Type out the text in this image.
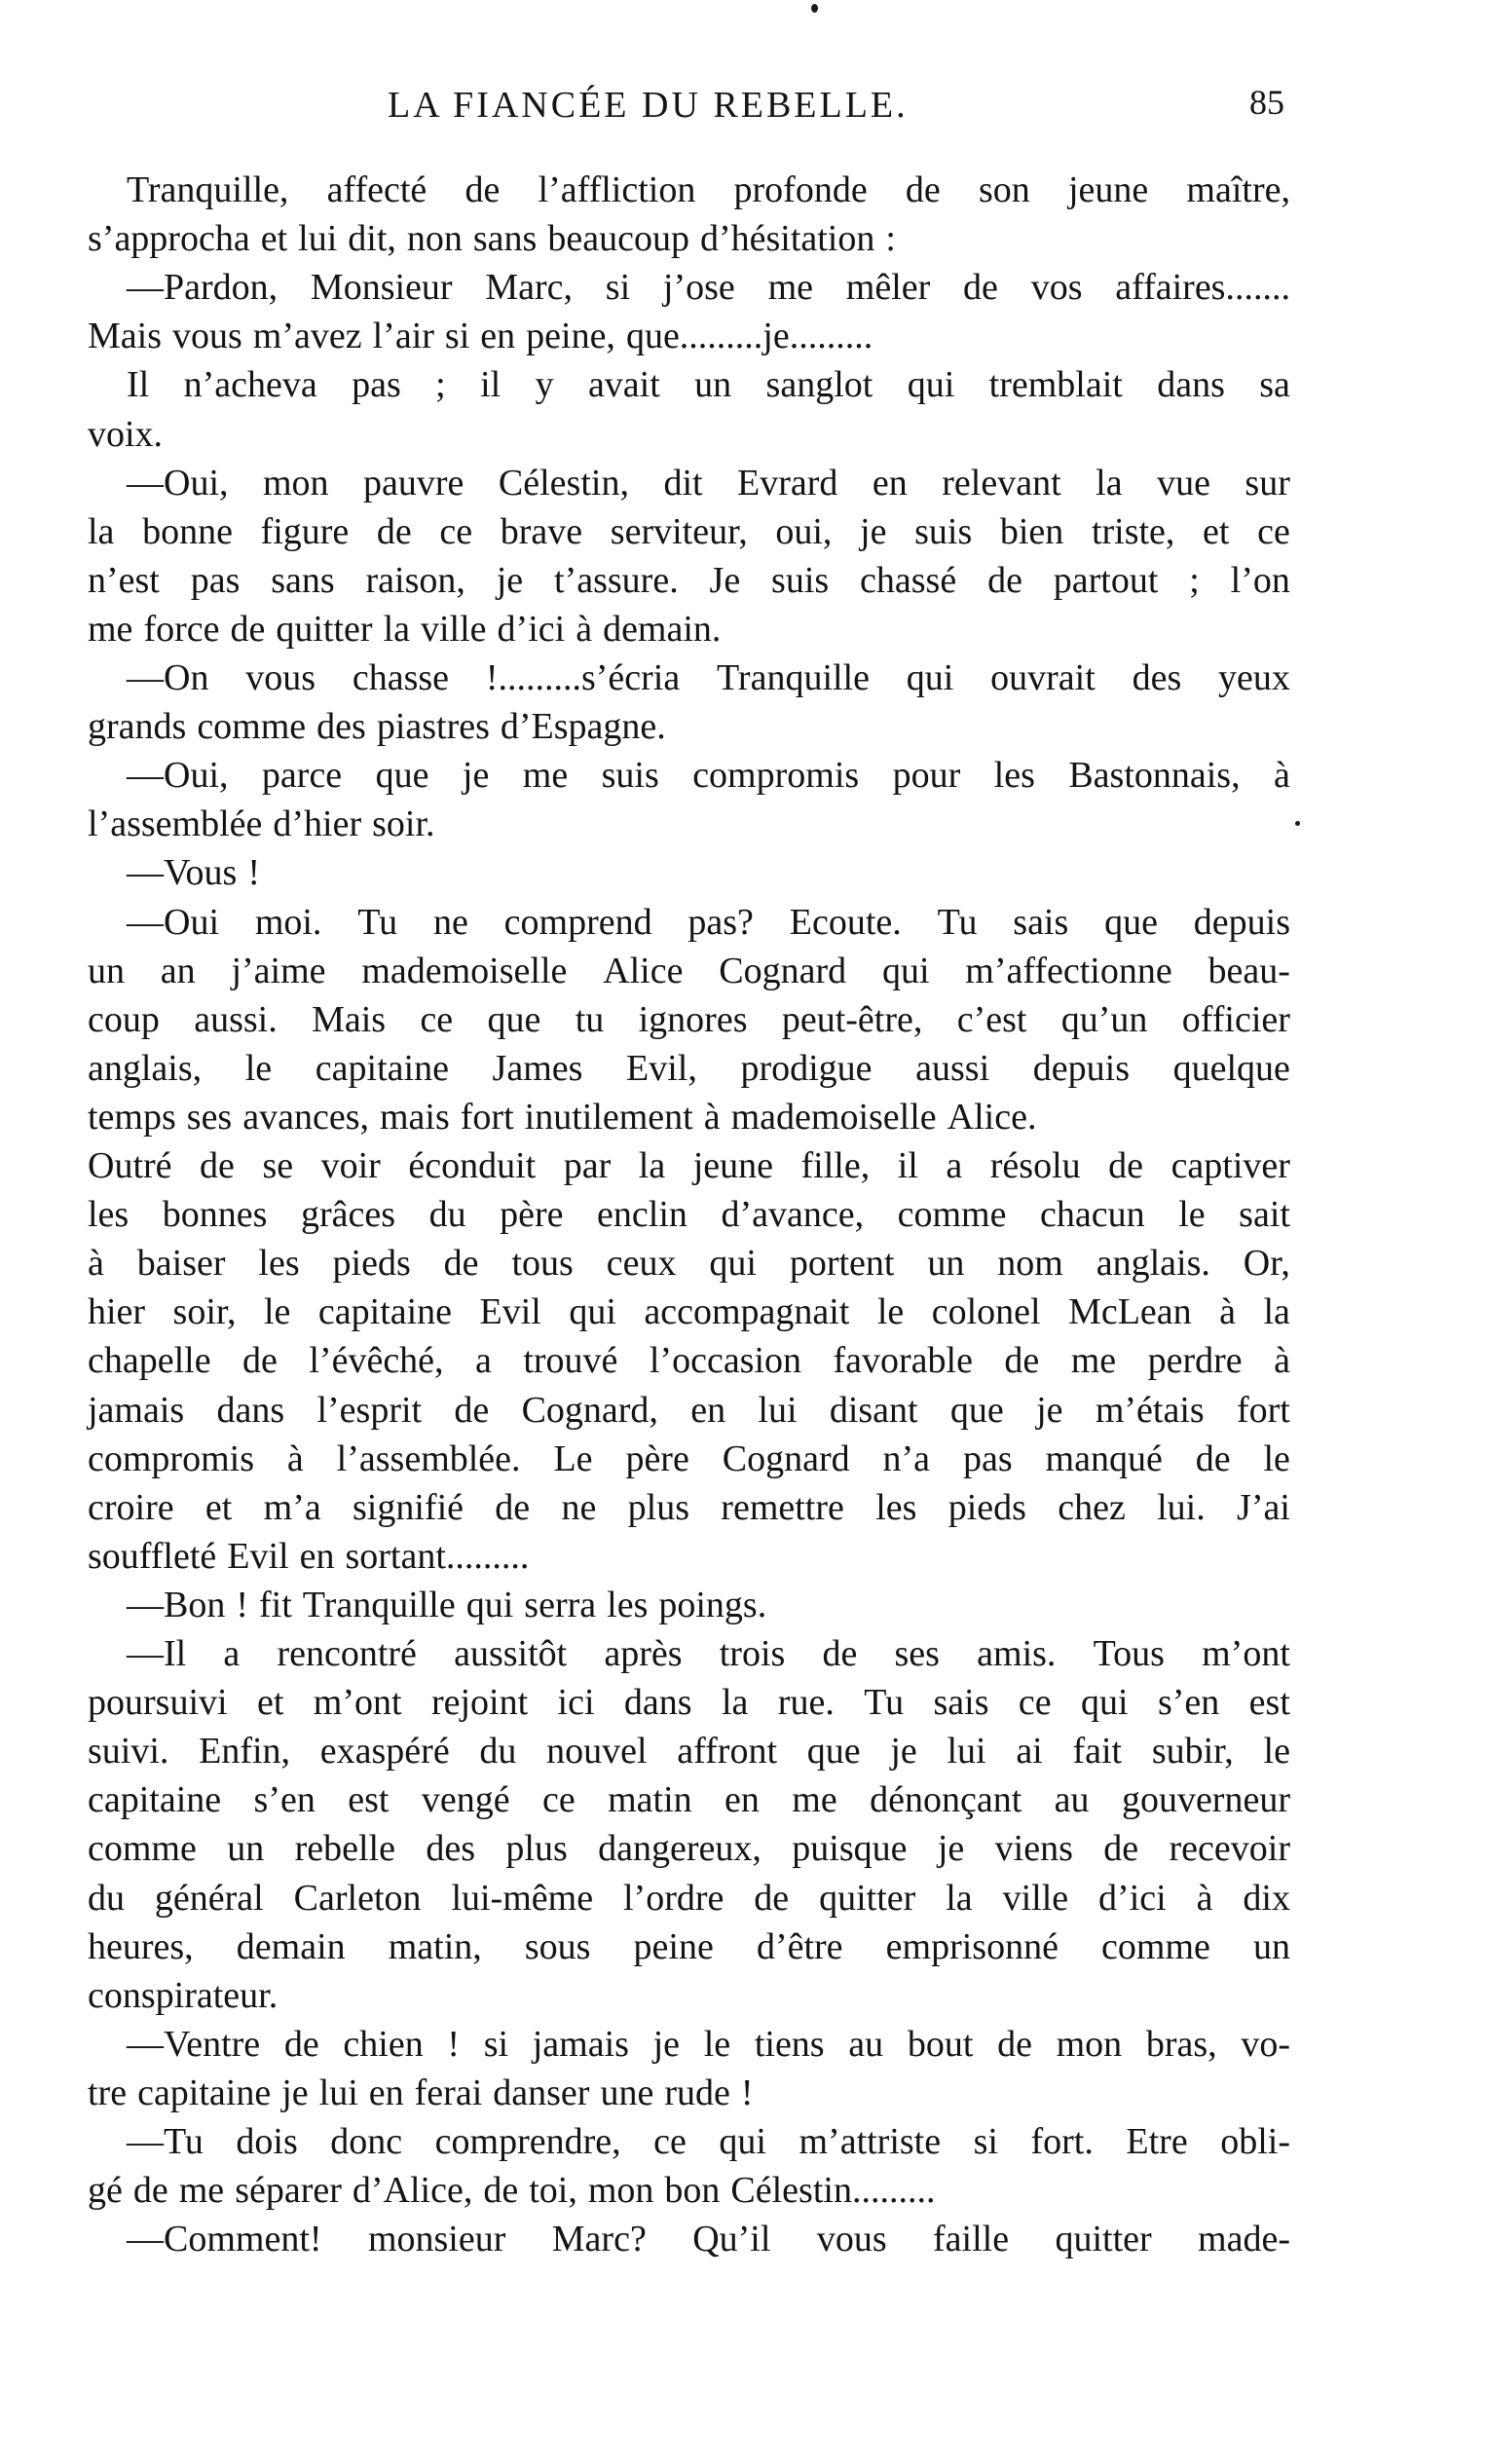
LA FIANCÉE DU REBELLE.	85
Tranquille, affecté de l’affliction profonde de son jeune maître,
s’approcha et lui dit, non sans beaucoup d’hésitation :
—Pardon, Monsieur Marc, si j’ose me mêler de vos affaires.......
Mais vous m’avez l’air si en peine, que.........je.........
Il n’acheva pas ; il y avait un sanglot qui tremblait dans sa
voix.
—Oui, mon pauvre Célestin, dit Evrard en relevant la vue sur
la bonne figure de ce brave serviteur, oui, je suis bien triste, et ce
n’est pas sans raison, je t’assure. Je suis chassé de partout ; l’on
me force de quitter la ville d’ici à demain.
—On vous chasse !.........s’écria Tranquille qui ouvrait des yeux
grands comme des piastres d’Espagne.
—Oui, parce que je me suis compromis pour les Bastonnais, à
l’assemblée d’hier soir.
—Vous !
—Oui moi. Tu ne comprend pas? Ecoute. Tu sais que depuis
un an j’aime mademoiselle Alice Cognard qui m’affectionne beau-
coup aussi. Mais ce que tu ignores peut-être, c’est qu’un officier
anglais, le capitaine James Evil, prodigue aussi depuis quelque
temps ses avances, mais fort inutilement à mademoiselle Alice.
Outré de se voir éconduit par la jeune fille, il a résolu de captiver
les bonnes grâces du père enclin d’avance, comme chacun le sait
à baiser les pieds de tous ceux qui portent un nom anglais. Or,
hier soir, le capitaine Evil qui accompagnait le colonel McLean à la
chapelle de l’évêché, a trouvé l’occasion favorable de me perdre à
jamais dans l’esprit de Cognard, en lui disant que je m’étais fort
compromis à l’assemblée. Le père Cognard n’a pas manqué de le
croire et m’a signifié de ne plus remettre les pieds chez lui. J’ai
souffleté Evil en sortant.........
—Bon ! fit Tranquille qui serra les poings.
—Il a rencontré aussitôt après trois de ses amis. Tous m’ont
poursuivi et m’ont rejoint ici dans la rue. Tu sais ce qui s’en est
suivi. Enfin, exaspéré du nouvel affront que je lui ai fait subir, le
capitaine s’en est vengé ce matin en me dénonçant au gouverneur
comme un rebelle des plus dangereux, puisque je viens de recevoir
du général Carleton lui-même l’ordre de quitter la ville d’ici à dix
heures, demain matin, sous peine d’être emprisonné comme un
conspirateur.
—Ventre de chien ! si jamais je le tiens au bout de mon bras, vo-
tre capitaine je lui en ferai danser une rude !
—Tu dois donc comprendre, ce qui m’attriste si fort. Etre obli-
gé de me séparer d’Alice, de toi, mon bon Célestin.........
—Comment! monsieur Marc? Qu’il vous faille quitter made-
